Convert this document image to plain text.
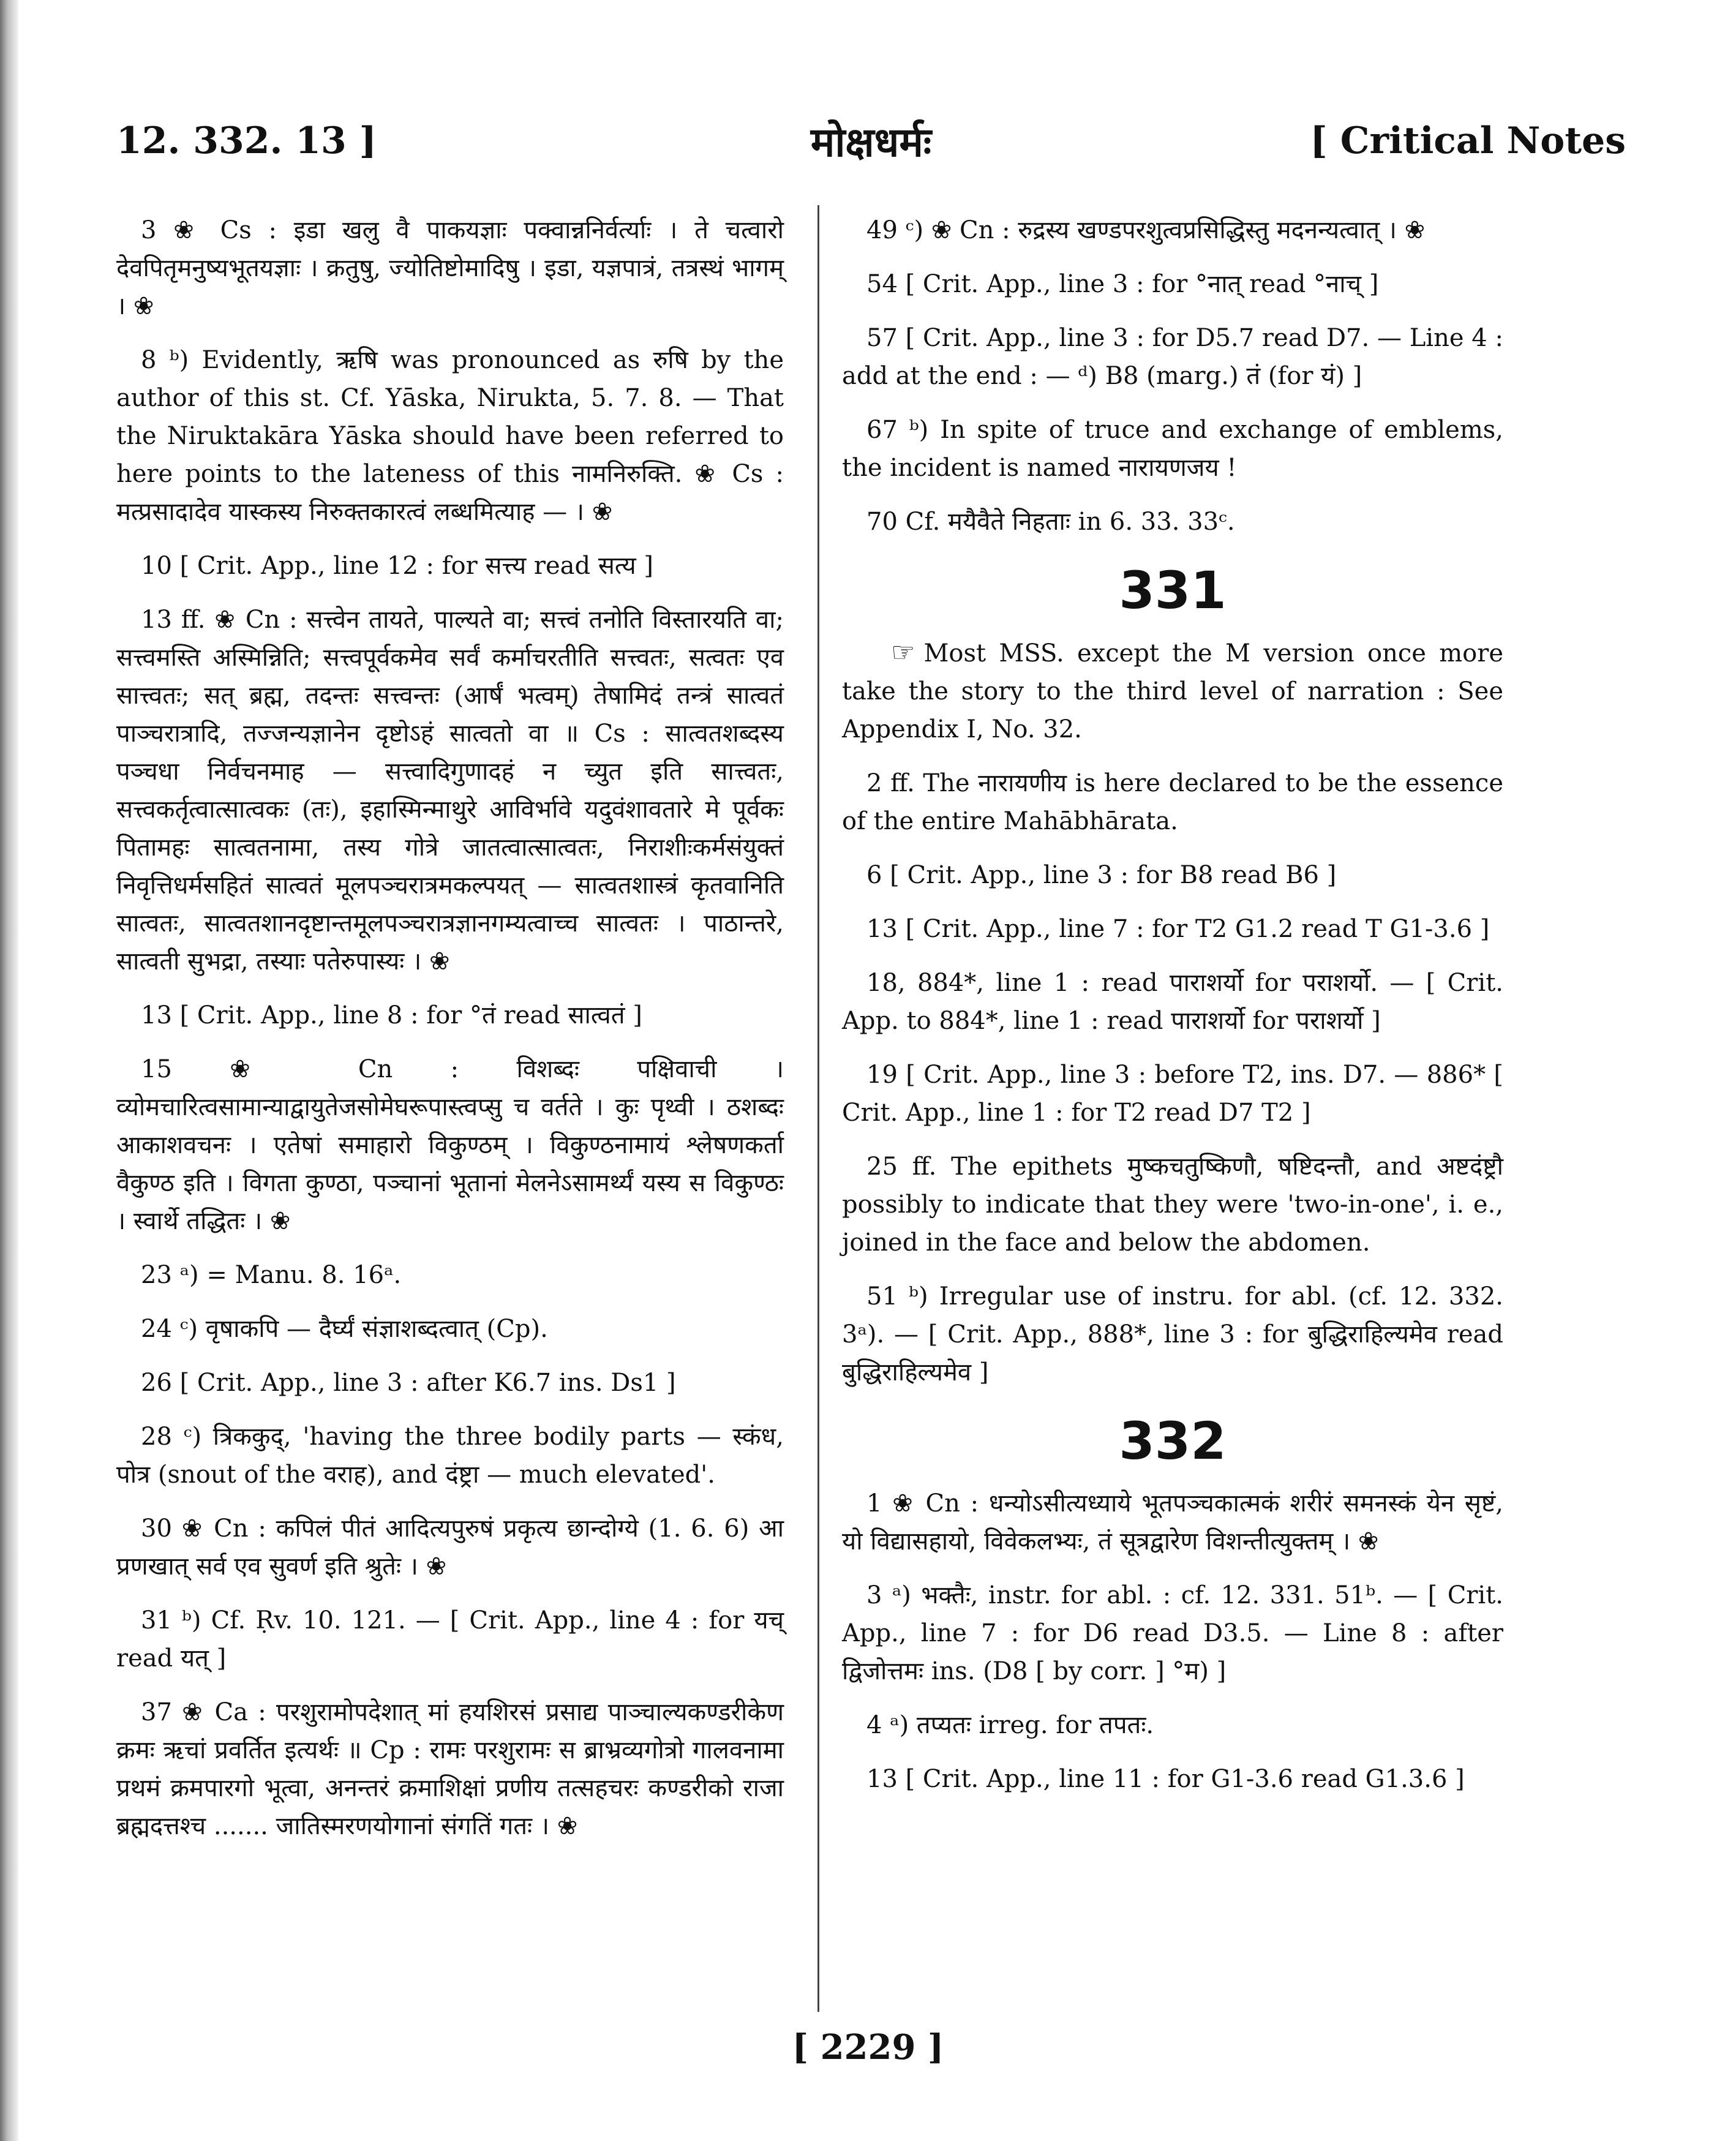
12. 332. 13 ]	मोक्षधर्मः	[ Critical Notes

3 ❀ Cs : इडा खलु वै पाकयज्ञाः पक्वान्ननिर्वर्त्याः । ते चत्वारो देवपितृमनुष्यभूतयज्ञाः । क्रतुषु, ज्योतिष्टोमादिषु । इडा, यज्ञपात्रं, तत्रस्थं भागम् । ❀

8 ᵇ) Evidently, ऋषि was pronounced as रुषि by the author of this st. Cf. Yāska, Nirukta, 5. 7. 8. — That the Niruktakāra Yāska should have been referred to here points to the lateness of this नामनिरुक्ति. ❀ Cs : मत्प्रसादादेव यास्कस्य निरुक्तकारत्वं लब्धमित्याह — । ❀

10 [ Crit. App., line 12 : for सत्त्य read सत्य ]

13 ff. ❀ Cn : सत्त्वेन तायते, पाल्यते वा; सत्त्वं तनोति विस्तारयति वा; सत्त्वमस्ति अस्मिन्निति; सत्त्वपूर्वकमेव सर्वं कर्माचरतीति सत्त्वतः, सत्वतः एव सात्त्वतः; सत् ब्रह्म, तदन्तः सत्त्वन्तः (आर्षं भत्वम्) तेषामिदं तन्त्रं सात्वतं पाञ्चरात्रादि, तज्जन्यज्ञानेन दृष्टोऽहं सात्वतो वा ॥ Cs : सात्वतशब्दस्य पञ्चधा निर्वचनमाह — सत्त्वादिगुणादहं न च्युत इति सात्त्वतः, सत्त्वकर्तृत्वात्सात्वकः (तः), इहास्मिन्माथुरे आविर्भावे यदुवंशावतारे मे पूर्वकः पितामहः सात्वतनामा, तस्य गोत्रे जातत्वात्सात्वतः, निराशीःकर्मसंयुक्तं निवृत्तिधर्मसहितं सात्वतं मूलपञ्चरात्रमकल्पयत् — सात्वतशास्त्रं कृतवानिति सात्वतः, सात्वतशानदृष्टान्तमूलपञ्चरात्रज्ञानगम्यत्वाच्च सात्वतः । पाठान्तरे, सात्वती सुभद्रा, तस्याः पतेरुपास्यः । ❀

13 [ Crit. App., line 8 : for °तं read सात्वतं ]

15 ❀ Cn : विशब्दः पक्षिवाची । व्योमचारित्वसामान्याद्वायुतेजसोमेघरूपास्त्वप्सु च वर्तते । कुः पृथ्वी । ठशब्दः आकाशवचनः । एतेषां समाहारो विकुण्ठम् । विकुण्ठनामायं श्लेषणकर्ता वैकुण्ठ इति । विगता कुण्ठा, पञ्चानां भूतानां मेलनेऽसामर्थ्यं यस्य स विकुण्ठः । स्वार्थे तद्धितः । ❀

23 ᵃ) = Manu. 8. 16ᵃ.

24 ᶜ) वृषाकपि — दैर्घ्यं संज्ञाशब्दत्वात् (Cp).

26 [ Crit. App., line 3 : after K6.7 ins. Ds1 ]

28 ᶜ) त्रिककुद्, 'having the three bodily parts — स्कंध, पोत्र (snout of the वराह), and दंष्ट्रा — much elevated'.

30 ❀ Cn : कपिलं पीतं आदित्यपुरुषं प्रकृत्य छान्दोग्ये (1. 6. 6) आ प्रणखात् सर्व एव सुवर्ण इति श्रुतेः । ❀

31 ᵇ) Cf. Ṛv. 10. 121. — [ Crit. App., line 4 : for यच् read यत् ]

37 ❀ Ca : परशुरामोपदेशात् मां हयशिरसं प्रसाद्य पाञ्चाल्यकण्डरीकेण क्रमः ऋचां प्रवर्तित इत्यर्थः ॥ Cp : रामः परशुरामः स ब्राभ्रव्यगोत्रो गालवनामा प्रथमं क्रमपारगो भूत्वा, अनन्तरं क्रमाशिक्षां प्रणीय तत्सहचरः कण्डरीको राजा ब्रह्मदत्तश्च ....... जातिस्मरणयोगानां संगतिं गतः । ❀

49 ᶜ) ❀ Cn : रुद्रस्य खण्डपरशुत्वप्रसिद्धिस्तु मदनन्यत्वात् । ❀

54 [ Crit. App., line 3 : for °नात् read °नाच् ]

57 [ Crit. App., line 3 : for D5.7 read D7. — Line 4 : add at the end : — ᵈ) B8 (marg.) तं (for यं) ]

67 ᵇ) In spite of truce and exchange of emblems, the incident is named नारायणजय !

70 Cf. मयैवैते निहताः in 6. 33. 33ᶜ.

331

☞ Most MSS. except the M version once more take the story to the third level of narration : See Appendix I, No. 32.

2 ff. The नारायणीय is here declared to be the essence of the entire Mahābhārata.

6 [ Crit. App., line 3 : for B8 read B6 ]

13 [ Crit. App., line 7 : for T2 G1.2 read T G1-3.6 ]

18, 884*, line 1 : read पाराशर्यो for पराशर्यो. — [ Crit. App. to 884*, line 1 : read पाराशर्यो for पराशर्यो ]

19 [ Crit. App., line 3 : before T2, ins. D7. — 886* [ Crit. App., line 1 : for T2 read D7 T2 ]

25 ff. The epithets मुष्कचतुष्किणौ, षष्टिदन्तौ, and अष्टदंष्ट्रौ possibly to indicate that they were 'two-in-one', i. e., joined in the face and below the abdomen.

51 ᵇ) Irregular use of instru. for abl. (cf. 12. 332. 3ᵃ). — [ Crit. App., 888*, line 3 : for बुद्धिराहिल्यमेव read बुद्धिराहिल्यमेव ]

332

1 ❀ Cn : धन्योऽसीत्यध्याये भूतपञ्चकात्मकं शरीरं समनस्कं येन सृष्टं, यो विद्यासहायो, विवेकलभ्यः, तं सूत्रद्वारेण विशन्तीत्युक्तम् । ❀

3 ᵃ) भक्तैः, instr. for abl. : cf. 12. 331. 51ᵇ. — [ Crit. App., line 7 : for D6 read D3.5. — Line 8 : after द्विजोत्तमः ins. (D8 [ by corr. ] °म) ]

4 ᵃ) तप्यतः irreg. for तपतः.

13 [ Crit. App., line 11 : for G1-3.6 read G1.3.6 ]

[ 2229 ]
